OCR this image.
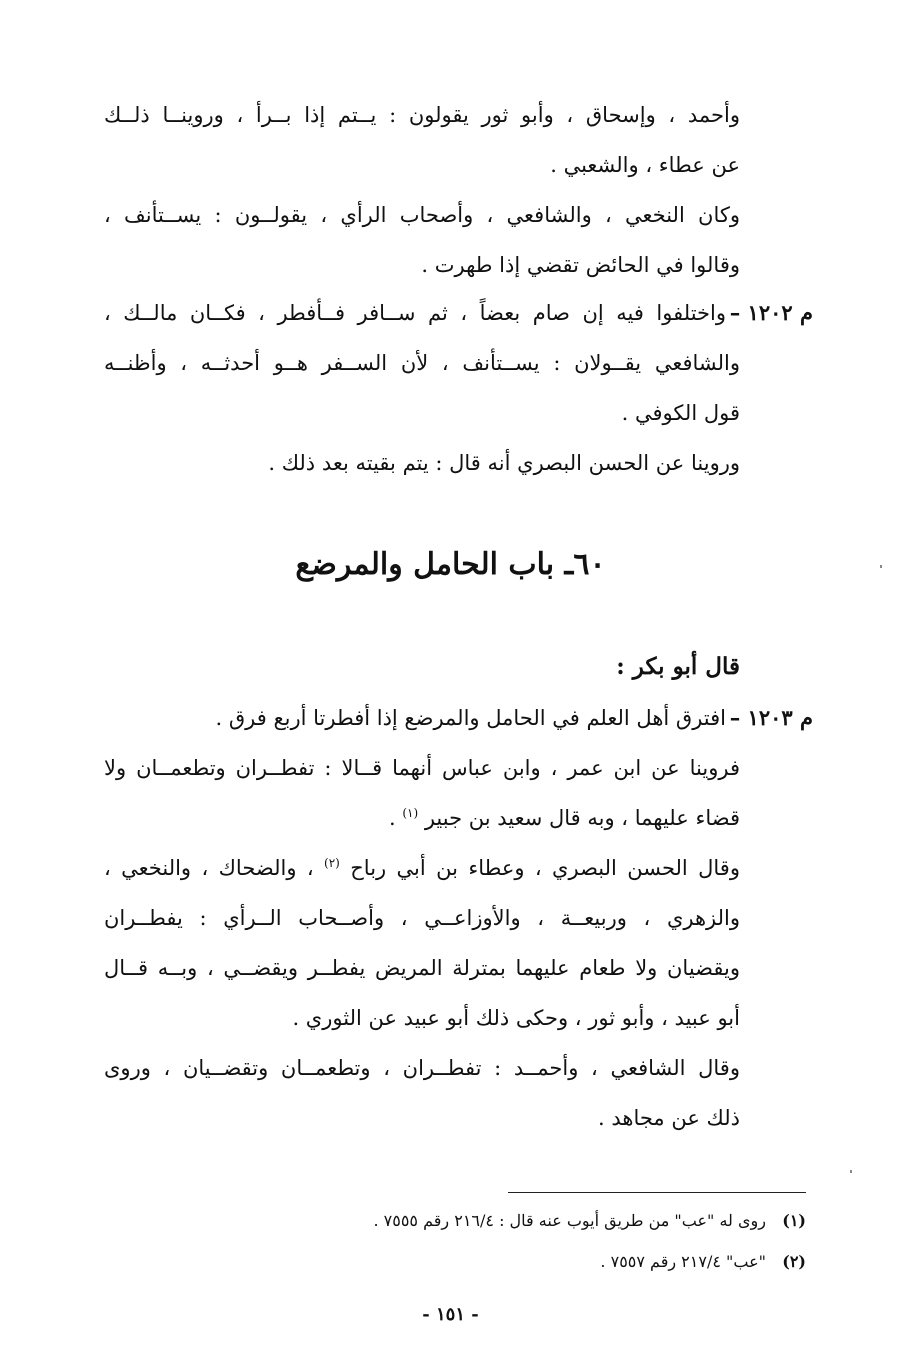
وأحمد ، وإسحاق ، وأبو ثور يقولون : يــتم إذا بــرأ ، وروينــا ذلــك
عن عطاء ، والشعبي .
وكان النخعي ، والشافعي ، وأصحاب الرأي ، يقولــون : يســتأنف ،
وقالوا في الحائض تقضي إذا طهرت .
م ١٢٠٢ –
واختلفوا فيه إن صام بعضاً ، ثم ســافر فــأفطر ، فكــان مالــك ،
والشافعي يقــولان : يســتأنف ، لأن الســفر هــو أحدثــه ، وأظنــه
قول الكوفي .
وروينا عن الحسن البصري أنه قال : يتم بقيته بعد ذلك .
٦٠ـ باب الحامل والمرضع
قال أبو بكر :
م ١٢٠٣ –
افترق أهل العلم في الحامل والمرضع إذا أفطرتا أربع فرق .
فروينا عن ابن عمر ، وابن عباس أنهما قــالا : تفطــران وتطعمــان ولا
قضاء عليهما ، وبه قال سعيد بن جبير $^{(١)}$ .
وقال الحسن البصري ، وعطاء بن أبي رباح $^{(٢)}$ ، والضحاك ، والنخعي ،
والزهري ، وربيعــة ، والأوزاعــي ، وأصــحاب الــرأي : يفطــران
ويقضيان ولا طعام عليهما بمترلة المريض يفطــر ويقضــي ، وبــه قــال
أبو عبيد ، وأبو ثور ، وحكى ذلك أبو عبيد عن الثوري .
وقال الشافعي ، وأحمــد : تفطــران ، وتطعمــان وتقضــيان ، وروى
ذلك عن مجاهد .
(١)
روى له "عب" من طريق أيوب عنه قال : ٢١٦/٤ رقم ٧٥٥٥ .
(٢)
"عب" ٢١٧/٤ رقم ٧٥٥٧ .
- ١٥١ -
